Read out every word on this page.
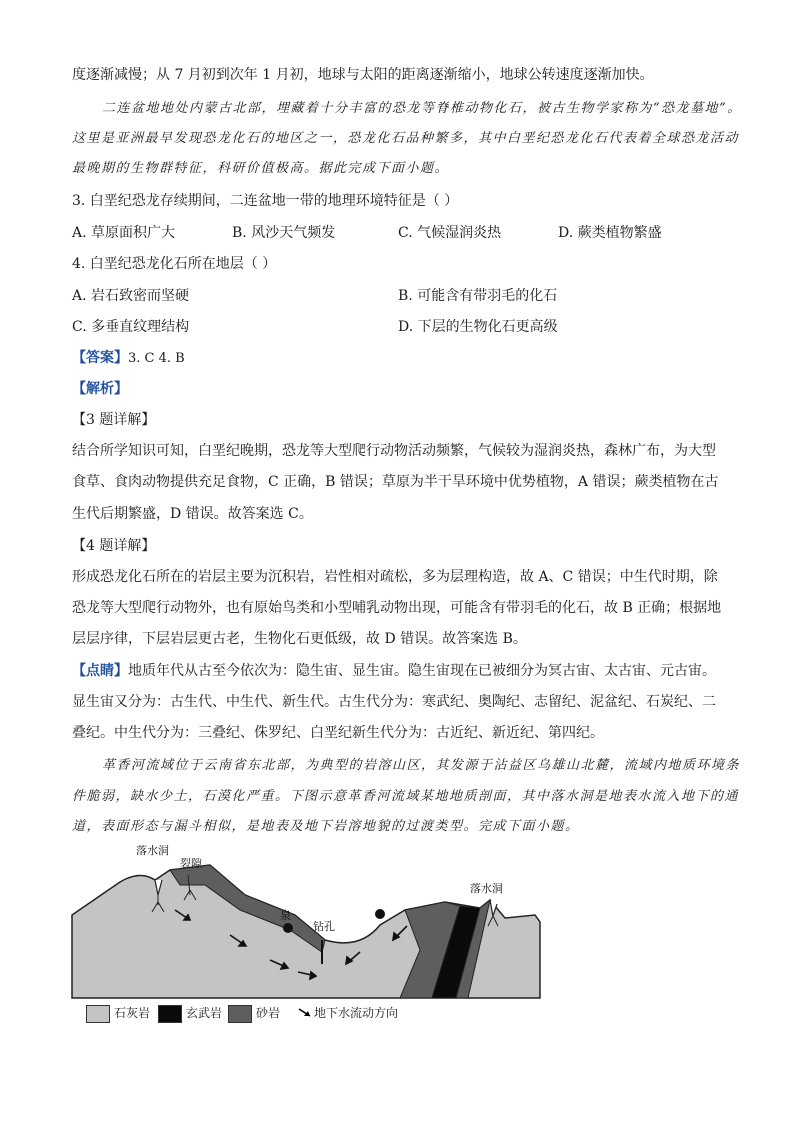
度逐渐减慢；从 7 月初到次年 1 月初，地球与太阳的距离逐渐缩小，地球公转速度逐渐加快。
二连盆地地处内蒙古北部，埋藏着十分丰富的恐龙等脊椎动物化石，被古生物学家称为“恐龙墓地”。
这里是亚洲最早发现恐龙化石的地区之一，恐龙化石品种繁多，其中白垩纪恐龙化石代表着全球恐龙活动
最晚期的生物群特征，科研价值极高。据此完成下面小题。
3. 白垩纪恐龙存续期间，二连盆地一带的地理环境特征是（ ）
A. 草原面积广大	B. 风沙天气频发	C. 气候湿润炎热	D. 蕨类植物繁盛
4. 白垩纪恐龙化石所在地层（ ）
A. 岩石致密而坚硬	B. 可能含有带羽毛的化石
C. 多垂直纹理结构	D. 下层的生物化石更高级
【答案】3. C 4. B
【解析】
【3 题详解】
结合所学知识可知，白垩纪晚期，恐龙等大型爬行动物活动频繁，气候较为湿润炎热，森林广布，为大型
食草、食肉动物提供充足食物，C 正确，B 错误；草原为半干旱环境中优势植物，A 错误；蕨类植物在古
生代后期繁盛，D 错误。故答案选 C。
【4 题详解】
形成恐龙化石所在的岩层主要为沉积岩，岩性相对疏松，多为层理构造，故 A、C 错误；中生代时期，除
恐龙等大型爬行动物外，也有原始鸟类和小型哺乳动物出现，可能含有带羽毛的化石，故 B 正确；根据地
层层序律，下层岩层更古老，生物化石更低级，故 D 错误。故答案选 B。
【点睛】地质年代从古至今依次为：隐生宙、显生宙。隐生宙现在已被细分为冥古宙、太古宙、元古宙。
显生宙又分为：古生代、中生代、新生代。古生代分为：寒武纪、奥陶纪、志留纪、泥盆纪、石炭纪、二
叠纪。中生代分为：三叠纪、侏罗纪、白垩纪新生代分为：古近纪、新近纪、第四纪。
革香河流域位于云南省东北部，为典型的岩溶山区，其发源于沾益区乌雄山北麓，流域内地质环境条
件脆弱，缺水少土，石漠化严重。下图示意革香河流域某地地质剖面，其中落水洞是地表水流入地下的通
道，表面形态与漏斗相似，是地表及地下岩溶地貌的过渡类型。完成下面小题。
落水洞
裂隙
泉
钻孔
落水洞
石灰岩	玄武岩	砂岩	地下水流动方向
